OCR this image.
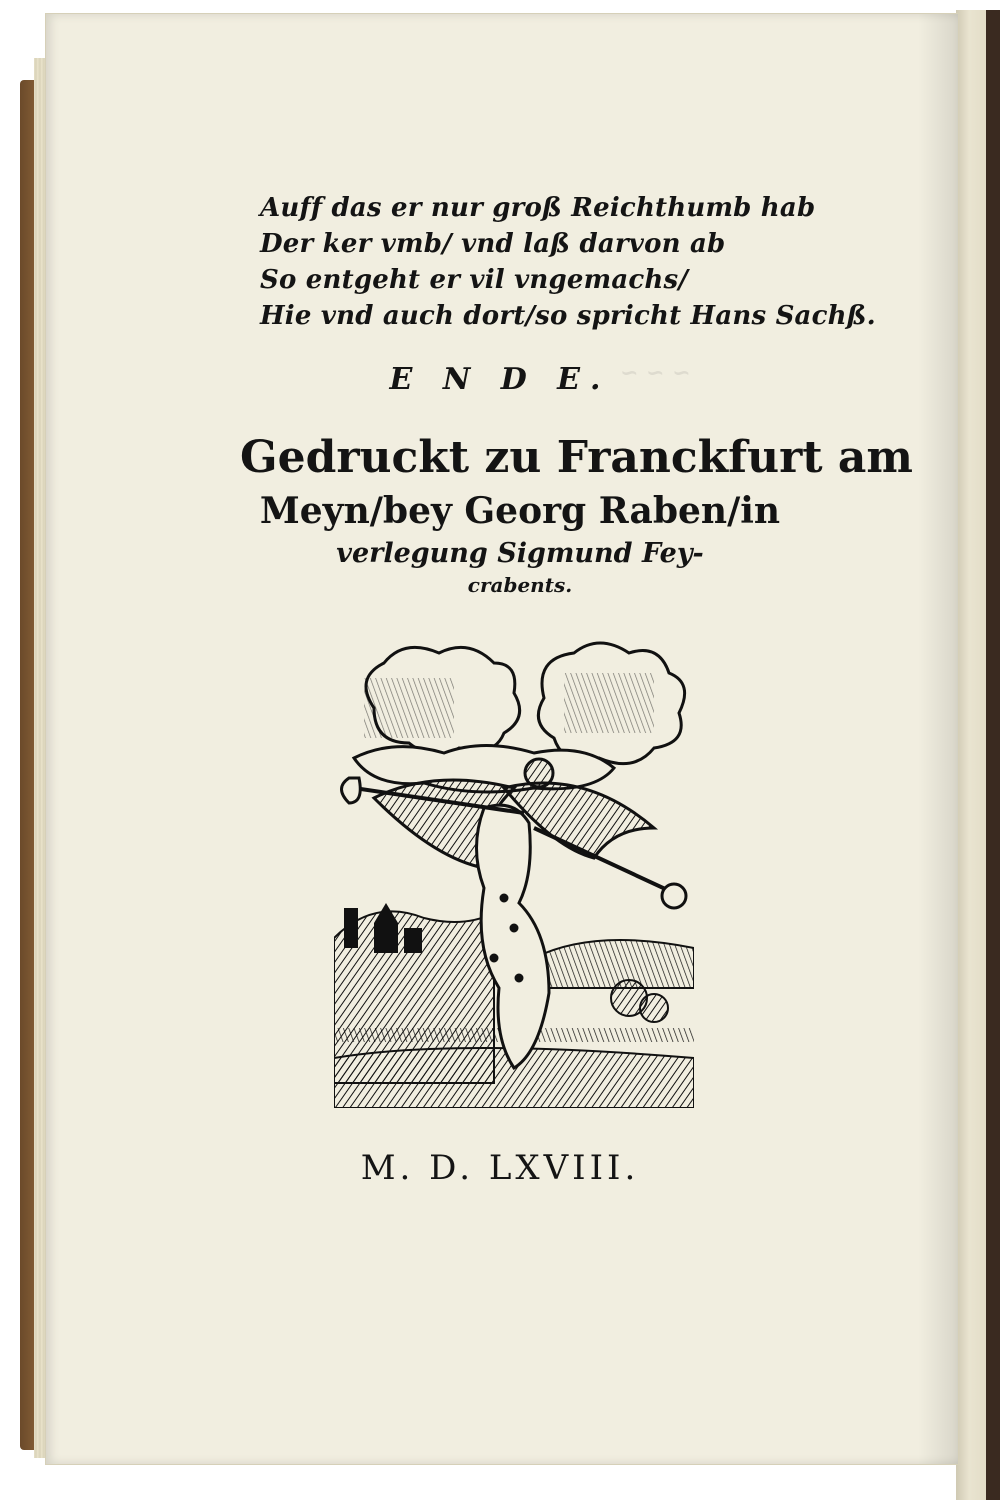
~ ~ ~
Auff das er nur groß Reichthumb hab
Der ker vmb/ vnd laß darvon ab
So entgeht er vil vngemachs/
Hie vnd auch dort/so spricht Hans Sachß.
E N D E.
Gedruckt zu Franckfurt am
Meyn/bey Georg Raben/in
verlegung Sigmund Fey-
crabents.
M. D. LXVIII.
